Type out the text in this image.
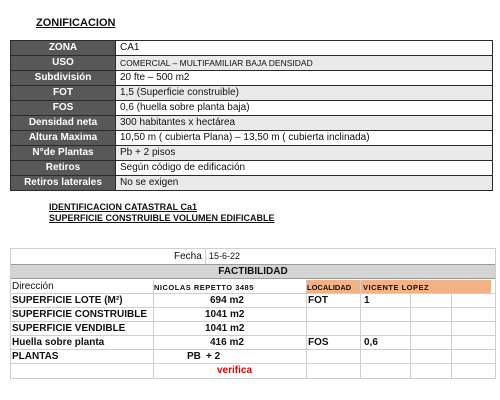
ZONIFICACION
ZONA	CA1
USO	COMERCIAL – MULTIFAMILIAR BAJA DENSIDAD
Subdivisión	20 fte – 500 m2
FOT	1,5 (Superficie construible)
FOS	0,6 (huella sobre planta baja)
Densidad neta	300 habitantes x hectárea
Altura Maxima	10,50 m ( cubierta Plana) – 13,50 m ( cubierta inclinada)
N°de Plantas	Pb + 2 pisos
Retiros	Según código de edificación
Retiros laterales	No se exigen
IDENTIFICACION CATASTRAL Ca1
SUPERFICIE CONSTRUIBLE VOLUMEN EDIFICABLE
Fecha 15-6-22
FACTIBILIDAD
Dirección	NICOLAS REPETTO 3485	LOCALIDAD VICENTE LOPEZ
SUPERFICIE LOTE (M²)	694 m2	FOT	1
SUPERFICIE CONSTRUIBLE	1041 m2
SUPERFICIE VENDIBLE	1041 m2
Huella sobre planta	416 m2	FOS	0,6
PLANTAS	PB + 2
verifica
